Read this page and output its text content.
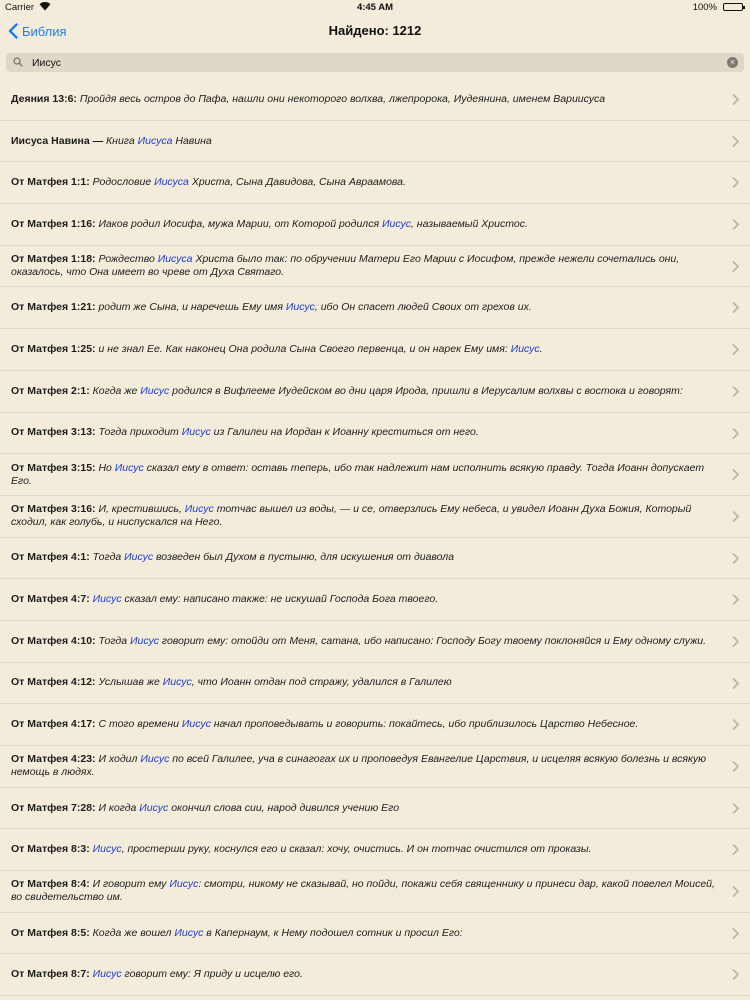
Carrier	4:45 AM	100%
Библия	Найдено: 1212
Иисус
×
Деяния 13:6: Пройдя весь остров до Пафа, нашли они некоторого волхва, лжепророка, Иудеянина, именем Вариисуса
Иисуса Навина — Книга Иисуса Навина
От Матфея 1:1: Родословие Иисуса Христа, Сына Давидова, Сына Авраамова.
От Матфея 1:16: Иаков родил Иосифа, мужа Марии, от Которой родился Иисус, называемый Христос.
От Матфея 1:18: Рождество Иисуса Христа было так: по обручении Матери Его Марии с Иосифом, прежде нежели сочетались они, оказалось, что Она имеет во чреве от Духа Святаго.
От Матфея 1:21: родит же Сына, и наречешь Ему имя Иисус, ибо Он спасет людей Своих от грехов их.
От Матфея 1:25: и не знал Ее. Как наконец Она родила Сына Своего первенца, и он нарек Ему имя: Иисус.
От Матфея 2:1: Когда же Иисус родился в Вифлееме Иудейском во дни царя Ирода, пришли в Иерусалим волхвы с востока и говорят:
От Матфея 3:13: Тогда приходит Иисус из Галилеи на Иордан к Иоанну креститься от него.
От Матфея 3:15: Но Иисус сказал ему в ответ: оставь теперь, ибо так надлежит нам исполнить всякую правду. Тогда Иоанн допускает Его.
От Матфея 3:16: И, крестившись, Иисус тотчас вышел из воды, — и се, отверзлись Ему небеса, и увидел Иоанн Духа Божия, Который сходил, как голубь, и ниспускался на Него.
От Матфея 4:1: Тогда Иисус возведен был Духом в пустыню, для искушения от диавола
От Матфея 4:7: Иисус сказал ему: написано также: не искушай Господа Бога твоего.
От Матфея 4:10: Тогда Иисус говорит ему: отойди от Меня, сатана, ибо написано: Господу Богу твоему поклоняйся и Ему одному служи.
От Матфея 4:12: Услышав же Иисус, что Иоанн отдан под стражу, удалился в Галилею
От Матфея 4:17: С того времени Иисус начал проповедывать и говорить: покайтесь, ибо приблизилось Царство Небесное.
От Матфея 4:23: И ходил Иисус по всей Галилее, уча в синагогах их и проповедуя Евангелие Царствия, и исцеляя всякую болезнь и всякую немощь в людях.
От Матфея 7:28: И когда Иисус окончил слова сии, народ дивился учению Его
От Матфея 8:3: Иисус, простерши руку, коснулся его и сказал: хочу, очистись. И он тотчас очистился от проказы.
От Матфея 8:4: И говорит ему Иисус: смотри, никому не сказывай, но пойди, покажи себя священнику и принеси дар, какой повелел Моисей, во свидетельство им.
От Матфея 8:5: Когда же вошел Иисус в Капернаум, к Нему подошел сотник и просил Его:
От Матфея 8:7: Иисус говорит ему: Я приду и исцелю его.
